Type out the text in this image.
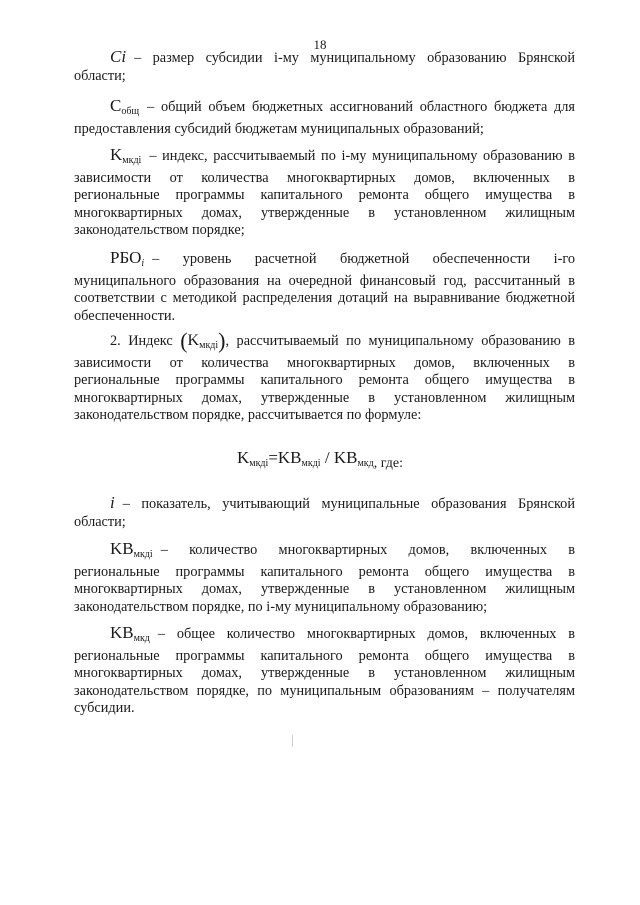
18

Ci – размер субсидии i-му муниципальному образованию Брянской области;

$C_{общ}$ – общий объем бюджетных ассигнований областного бюджета для предоставления субсидий бюджетам муниципальных образований;

$K_{мкдi}$ – индекс, рассчитываемый по i-му муниципальному образованию в зависимости от количества многоквартирных домов, включенных в региональные программы капитального ремонта общего имущества в многоквартирных домах, утвержденные в установленном жилищным законодательством порядке;

$РБО_i$ – уровень расчетной бюджетной обеспеченности i-го муниципального образования на очередной финансовый год, рассчитанный в соответствии с методикой распределения дотаций на выравнивание бюджетной обеспеченности.

2. Индекс $(K_{мкдi})$, рассчитываемый по муниципальному образованию в зависимости от количества многоквартирных домов, включенных в региональные программы капитального ремонта общего имущества в многоквартирных домах, утвержденные в установленном жилищным законодательством порядке, рассчитывается по формуле:

$K_{мкдi}=KB_{мкдi} / KB_{мкд, где:}$

i – показатель, учитывающий муниципальные образования Брянской области;

$KB_{мкдi}$ – количество многоквартирных домов, включенных в региональные программы капитального ремонта общего имущества в многоквартирных домах, утвержденные в установленном жилищным законодательством порядке, по i-му муниципальному образованию;

$KB_{мкд}$ – общее количество многоквартирных домов, включенных в региональные программы капитального ремонта общего имущества в многоквартирных домах, утвержденные в установленном жилищным законодательством порядке, по муниципальным образованиям – получателям субсидии.
